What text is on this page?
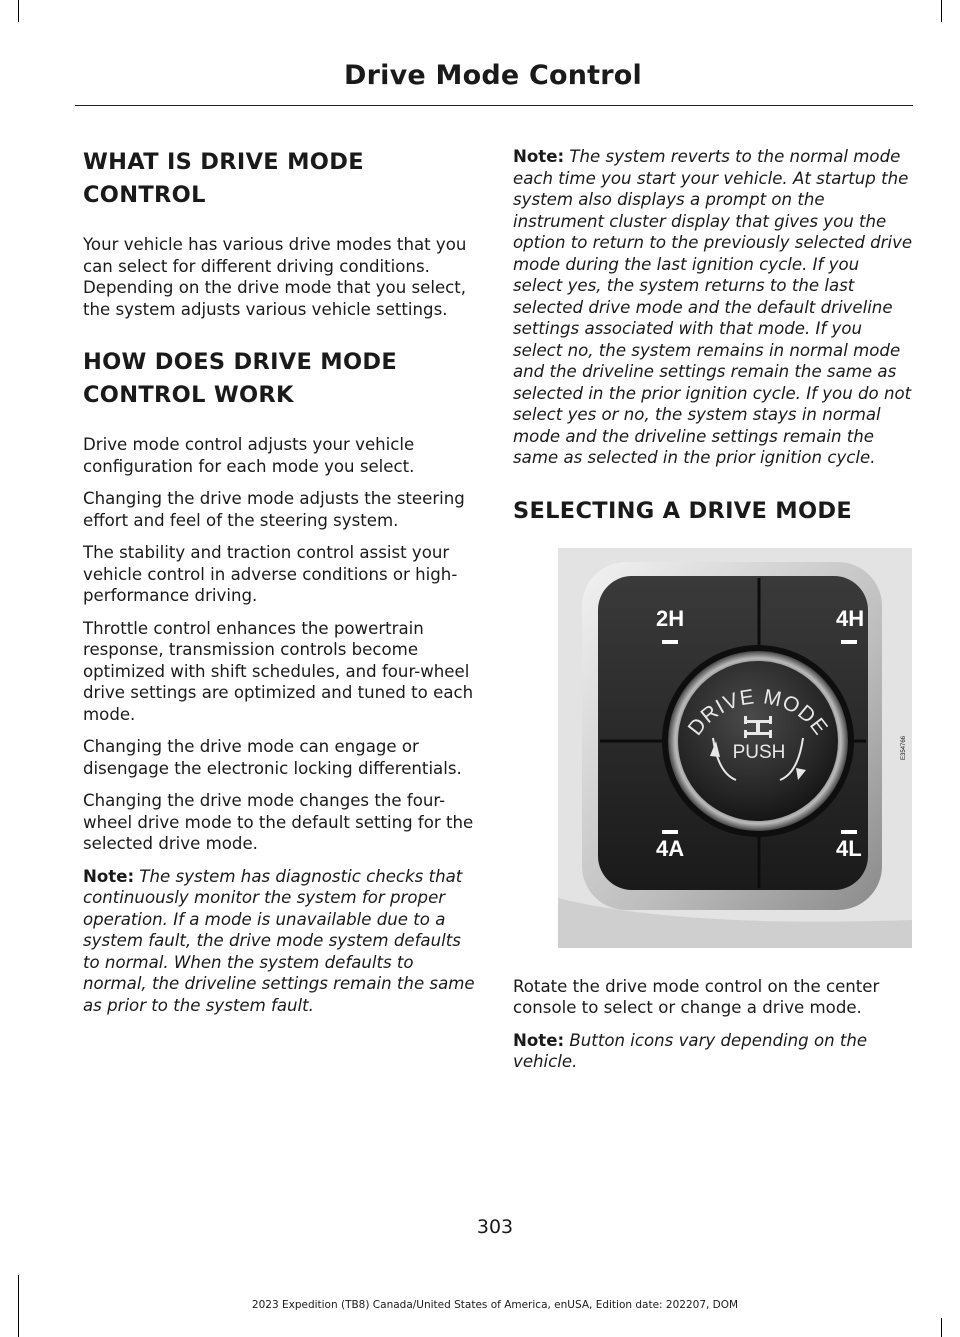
Drive Mode Control
WHAT IS DRIVE MODE CONTROL

Your vehicle has various drive modes that you can select for different driving conditions. Depending on the drive mode that you select, the system adjusts various vehicle settings.

HOW DOES DRIVE MODE CONTROL WORK

Drive mode control adjusts your vehicle configuration for each mode you select.

Changing the drive mode adjusts the steering effort and feel of the steering system.

The stability and traction control assist your vehicle control in adverse conditions or high-performance driving.

Throttle control enhances the powertrain response, transmission controls become optimized with shift schedules, and four-wheel drive settings are optimized and tuned to each mode.

Changing the drive mode can engage or disengage the electronic locking differentials.

Changing the drive mode changes the four-wheel drive mode to the default setting for the selected drive mode.

Note: The system has diagnostic checks that continuously monitor the system for proper operation. If a mode is unavailable due to a system fault, the drive mode system defaults to normal. When the system defaults to normal, the driveline settings remain the same as prior to the system fault.

Note: The system reverts to the normal mode each time you start your vehicle. At startup the system also displays a prompt on the instrument cluster display that gives you the option to return to the previously selected drive mode during the last ignition cycle. If you select yes, the system returns to the last selected drive mode and the default driveline settings associated with that mode. If you select no, the system remains in normal mode and the driveline settings remain the same as selected in the prior ignition cycle. If you do not select yes or no, the system stays in normal mode and the driveline settings remain the same as selected in the prior ignition cycle.

SELECTING A DRIVE MODE
2H	4H
4A	4L
DRIVE MODE
PUSH	E354766

Rotate the drive mode control on the center console to select or change a drive mode.

Note: Button icons vary depending on the vehicle.

303
2023 Expedition (TB8) Canada/United States of America, enUSA, Edition date: 202207, DOM
